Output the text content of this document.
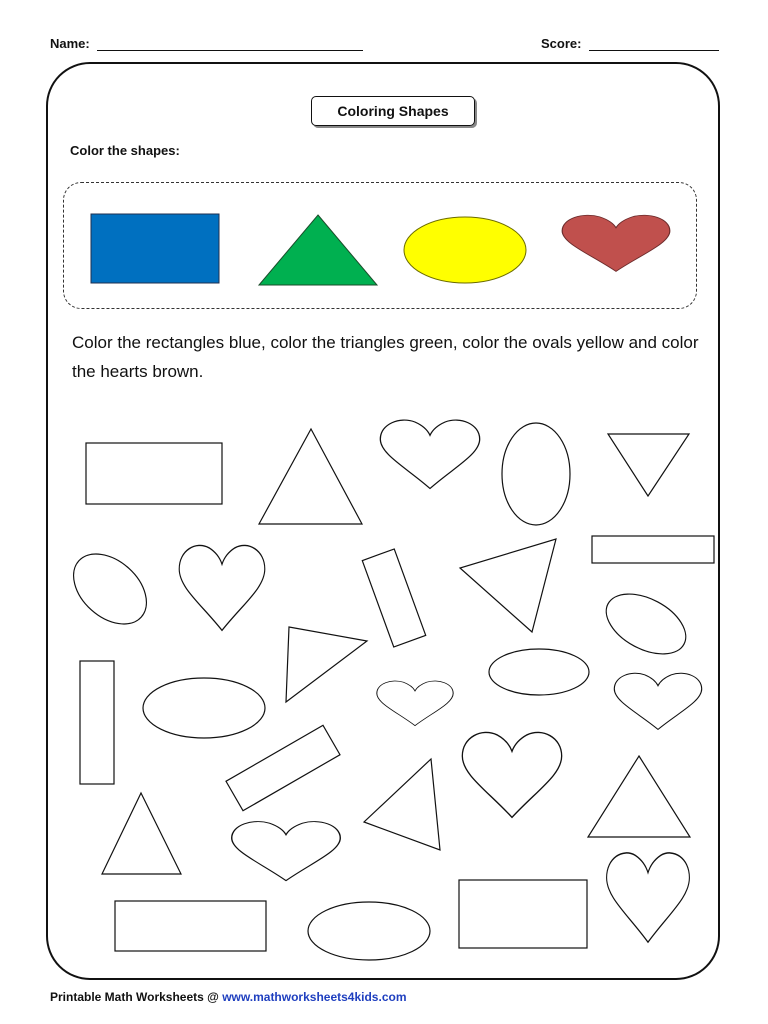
Name:	Score:
Coloring Shapes
Color the shapes:
Color the rectangles blue, color the triangles green, color the ovals yellow and color the hearts brown.
Printable Math Worksheets @ www.mathworksheets4kids.com
